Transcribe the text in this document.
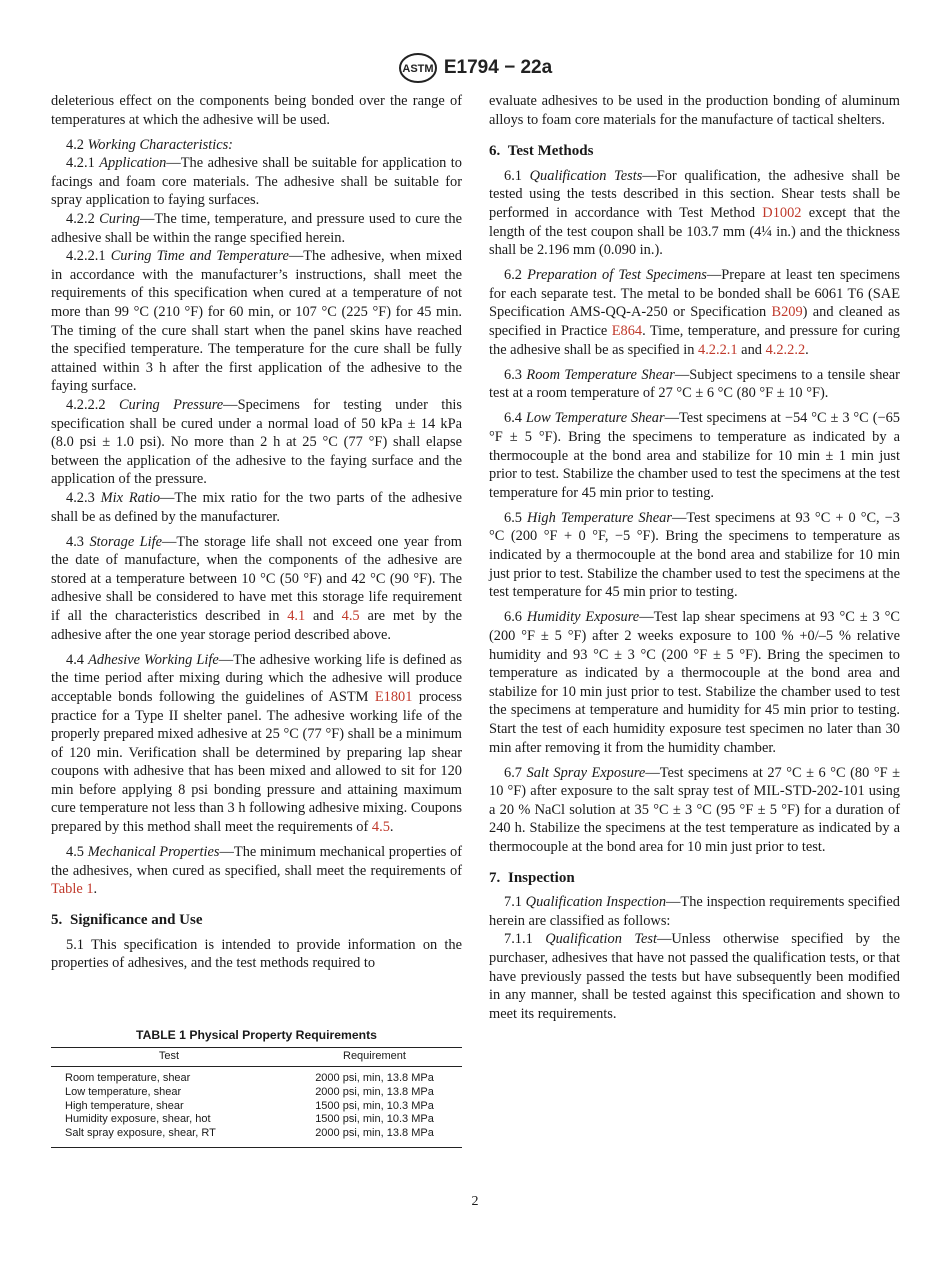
ASTM E1794 − 22a

deleterious effect on the components being bonded over the range of temperatures at which the adhesive will be used.

4.2 Working Characteristics:

4.2.1 Application—The adhesive shall be suitable for application to facings and foam core materials. The adhesive shall be suitable for spray application to faying surfaces.

4.2.2 Curing—The time, temperature, and pressure used to cure the adhesive shall be within the range specified herein.

4.2.2.1 Curing Time and Temperature—The adhesive, when mixed in accordance with the manufacturer’s instructions, shall meet the requirements of this specification when cured at a temperature of not more than 99 °C (210 °F) for 60 min, or 107 °C (225 °F) for 45 min. The timing of the cure shall start when the panel skins have reached the specified temperature. The temperature for the cure shall be fully attained within 3 h after the first application of the adhesive to the faying surface.

4.2.2.2 Curing Pressure—Specimens for testing under this specification shall be cured under a normal load of 50 kPa ± 14 kPa (8.0 psi ± 1.0 psi). No more than 2 h at 25 °C (77 °F) shall elapse between the application of the adhesive to the faying surface and the application of the pressure.

4.2.3 Mix Ratio—The mix ratio for the two parts of the adhesive shall be as defined by the manufacturer.

4.3 Storage Life—The storage life shall not exceed one year from the date of manufacture, when the components of the adhesive are stored at a temperature between 10 °C (50 °F) and 42 °C (90 °F). The adhesive shall be considered to have met this storage life requirement if all the characteristics described in 4.1 and 4.5 are met by the adhesive after the one year storage period described above.

4.4 Adhesive Working Life—The adhesive working life is defined as the time period after mixing during which the adhesive will produce acceptable bonds following the guidelines of ASTM E1801 process practice for a Type II shelter panel. The adhesive working life of the properly prepared mixed adhesive at 25 °C (77 °F) shall be a minimum of 120 min. Verification shall be determined by preparing lap shear coupons with adhesive that has been mixed and allowed to sit for 120 min before applying 8 psi bonding pressure and attaining maximum cure temperature not less than 3 h following adhesive mixing. Coupons prepared by this method shall meet the requirements of 4.5.

4.5 Mechanical Properties—The minimum mechanical properties of the adhesives, when cured as specified, shall meet the requirements of Table 1.

5. Significance and Use

5.1 This specification is intended to provide information on the properties of adhesives, and the test methods required to

TABLE 1 Physical Property Requirements
Test	Requirement
Room temperature, shear	2000 psi, min, 13.8 MPa
Low temperature, shear	2000 psi, min, 13.8 MPa
High temperature, shear	1500 psi, min, 10.3 MPa
Humidity exposure, shear, hot	1500 psi, min, 10.3 MPa
Salt spray exposure, shear, RT	2000 psi, min, 13.8 MPa

evaluate adhesives to be used in the production bonding of aluminum alloys to foam core materials for the manufacture of tactical shelters.

6. Test Methods

6.1 Qualification Tests—For qualification, the adhesive shall be tested using the tests described in this section. Shear tests shall be performed in accordance with Test Method D1002 except that the length of the test coupon shall be 103.7 mm (4¼ in.) and the thickness shall be 2.196 mm (0.090 in.).

6.2 Preparation of Test Specimens—Prepare at least ten specimens for each separate test. The metal to be bonded shall be 6061 T6 (SAE Specification AMS-QQ-A-250 or Specification B209) and cleaned as specified in Practice E864. Time, temperature, and pressure for curing the adhesive shall be as specified in 4.2.2.1 and 4.2.2.2.

6.3 Room Temperature Shear—Subject specimens to a tensile shear test at a room temperature of 27 °C ± 6 °C (80 °F ± 10 °F).

6.4 Low Temperature Shear—Test specimens at −54 °C ± 3 °C (−65 °F ± 5 °F). Bring the specimens to temperature as indicated by a thermocouple at the bond area and stabilize for 10 min ± 1 min just prior to test. Stabilize the chamber used to test the specimens at the test temperature for 45 min prior to testing.

6.5 High Temperature Shear—Test specimens at 93 °C + 0 °C, −3 °C (200 °F + 0 °F, −5 °F). Bring the specimens to temperature as indicated by a thermocouple at the bond area and stabilize for 10 min just prior to test. Stabilize the chamber used to test the specimens at the test temperature for 45 min prior to testing.

6.6 Humidity Exposure—Test lap shear specimens at 93 °C ± 3 °C (200 °F ± 5 °F) after 2 weeks exposure to 100 % +0/–5 % relative humidity and 93 °C ± 3 °C (200 °F ± 5 °F). Bring the specimen to temperature as indicated by a thermocouple at the bond area and stabilize for 10 min just prior to test. Stabilize the chamber used to test the specimens at temperature and humidity for 45 min prior to testing. Start the test of each humidity exposure test specimen no later than 30 min after removing it from the humidity chamber.

6.7 Salt Spray Exposure—Test specimens at 27 °C ± 6 °C (80 °F ± 10 °F) after exposure to the salt spray test of MIL-STD-202-101 using a 20 % NaCl solution at 35 °C ± 3 °C (95 °F ± 5 °F) for a duration of 240 h. Stabilize the specimens at the test temperature as indicated by a thermocouple at the bond area for 10 min just prior to test.

7. Inspection

7.1 Qualification Inspection—The inspection requirements specified herein are classified as follows:

7.1.1 Qualification Test—Unless otherwise specified by the purchaser, adhesives that have not passed the qualification tests, or that have previously passed the tests but have subsequently been modified in any manner, shall be tested against this specification and shown to meet its requirements.

2
